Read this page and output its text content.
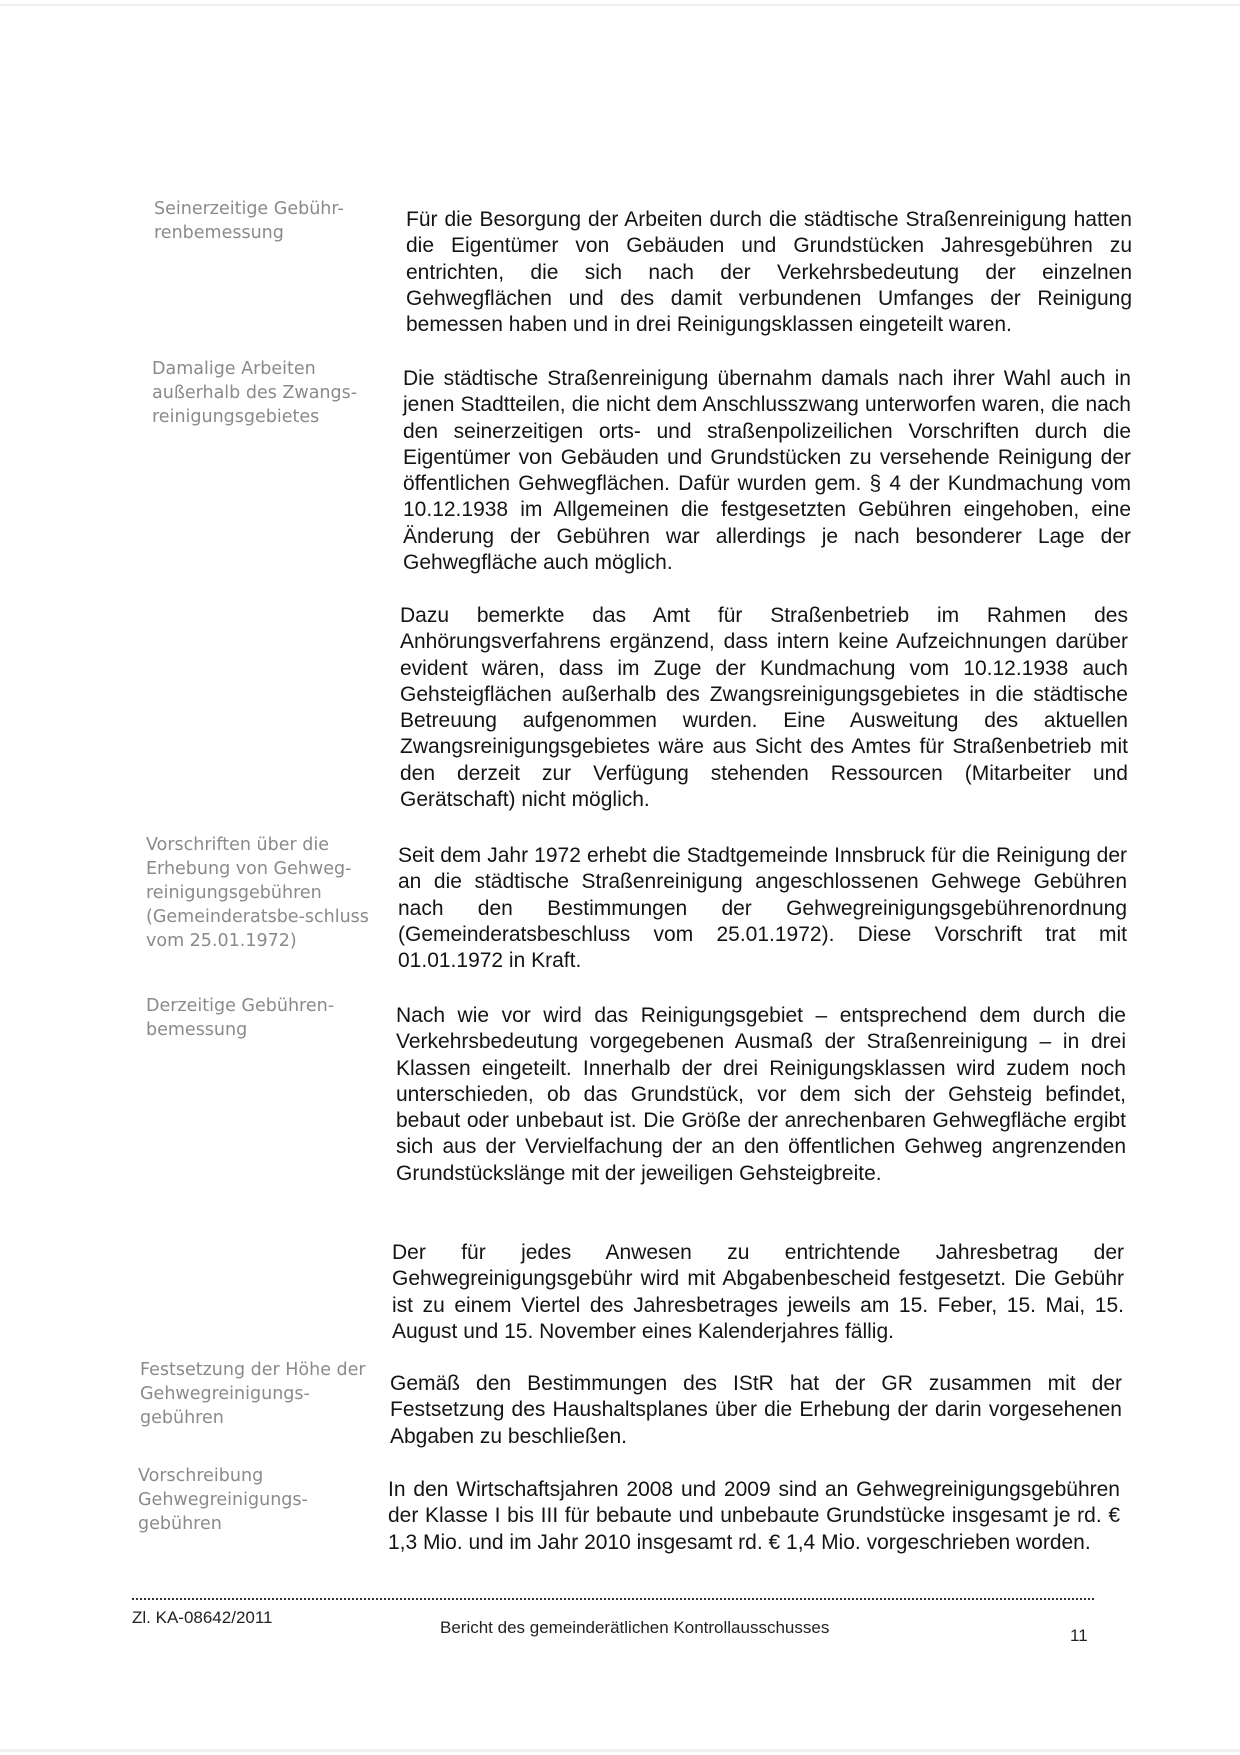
Seinerzeitige Gebühr-renbemessung
Damalige Arbeiten außerhalb des Zwangs-reinigungsgebietes
Vorschriften über die Erhebung von Gehweg-reinigungsgebühren (Gemeinderatsbe-schluss vom 25.01.1972)
Derzeitige Gebühren-bemessung
Festsetzung der Höhe der Gehwegreinigungs-gebühren
Vorschreibung Gehwegreinigungs-gebühren
Für die Besorgung der Arbeiten durch die städtische Straßenreinigung hatten die Eigentümer von Gebäuden und Grundstücken Jahresgebühren zu entrichten, die sich nach der Verkehrsbedeutung der einzelnen Gehwegflächen und des damit verbundenen Umfanges der Reinigung bemessen haben und in drei Reinigungsklassen eingeteilt waren.
Die städtische Straßenreinigung übernahm damals nach ihrer Wahl auch in jenen Stadtteilen, die nicht dem Anschlusszwang unterworfen waren, die nach den seinerzeitigen orts- und straßenpolizeilichen Vorschriften durch die Eigentümer von Gebäuden und Grundstücken zu versehende Reinigung der öffentlichen Gehwegflächen. Dafür wurden gem. § 4 der Kundmachung vom 10.12.1938 im Allgemeinen die festgesetzten Gebühren eingehoben, eine Änderung der Gebühren war allerdings je nach besonderer Lage der Gehwegfläche auch möglich.
Dazu bemerkte das Amt für Straßenbetrieb im Rahmen des Anhörungsverfahrens ergänzend, dass intern keine Aufzeichnungen darüber evident wären, dass im Zuge der Kundmachung vom 10.12.1938 auch Gehsteigflächen außerhalb des Zwangsreinigungsgebietes in die städtische Betreuung aufgenommen wurden. Eine Ausweitung des aktuellen Zwangsreinigungsgebietes wäre aus Sicht des Amtes für Straßenbetrieb mit den derzeit zur Verfügung stehenden Ressourcen (Mitarbeiter und Gerätschaft) nicht möglich.
Seit dem Jahr 1972 erhebt die Stadtgemeinde Innsbruck für die Reinigung der an die städtische Straßenreinigung angeschlossenen Gehwege Gebühren nach den Bestimmungen der Gehwegreinigungsgebührenordnung (Gemeinderatsbeschluss vom 25.01.1972). Diese Vorschrift trat mit 01.01.1972 in Kraft.
Nach wie vor wird das Reinigungsgebiet – entsprechend dem durch die Verkehrsbedeutung vorgegebenen Ausmaß der Straßenreinigung – in drei Klassen eingeteilt. Innerhalb der drei Reinigungsklassen wird zudem noch unterschieden, ob das Grundstück, vor dem sich der Gehsteig befindet, bebaut oder unbebaut ist. Die Größe der anrechenbaren Gehwegfläche ergibt sich aus der Vervielfachung der an den öffentlichen Gehweg angrenzenden Grundstückslänge mit der jeweiligen Gehsteigbreite.
Der für jedes Anwesen zu entrichtende Jahresbetrag der Gehwegreinigungsgebühr wird mit Abgabenbescheid festgesetzt. Die Gebühr ist zu einem Viertel des Jahresbetrages jeweils am 15. Feber, 15. Mai, 15. August und 15. November eines Kalenderjahres fällig.
Gemäß den Bestimmungen des IStR hat der GR zusammen mit der Festsetzung des Haushaltsplanes über die Erhebung der darin vorgesehenen Abgaben zu beschließen.
In den Wirtschaftsjahren 2008 und 2009 sind an Gehwegreinigungsgebühren der Klasse I bis III für bebaute und unbebaute Grundstücke insgesamt je rd. € 1,3 Mio. und im Jahr 2010 insgesamt rd. € 1,4 Mio. vorgeschrieben worden.
Zl. KA-08642/2011
Bericht des gemeinderätlichen Kontrollausschusses	11
